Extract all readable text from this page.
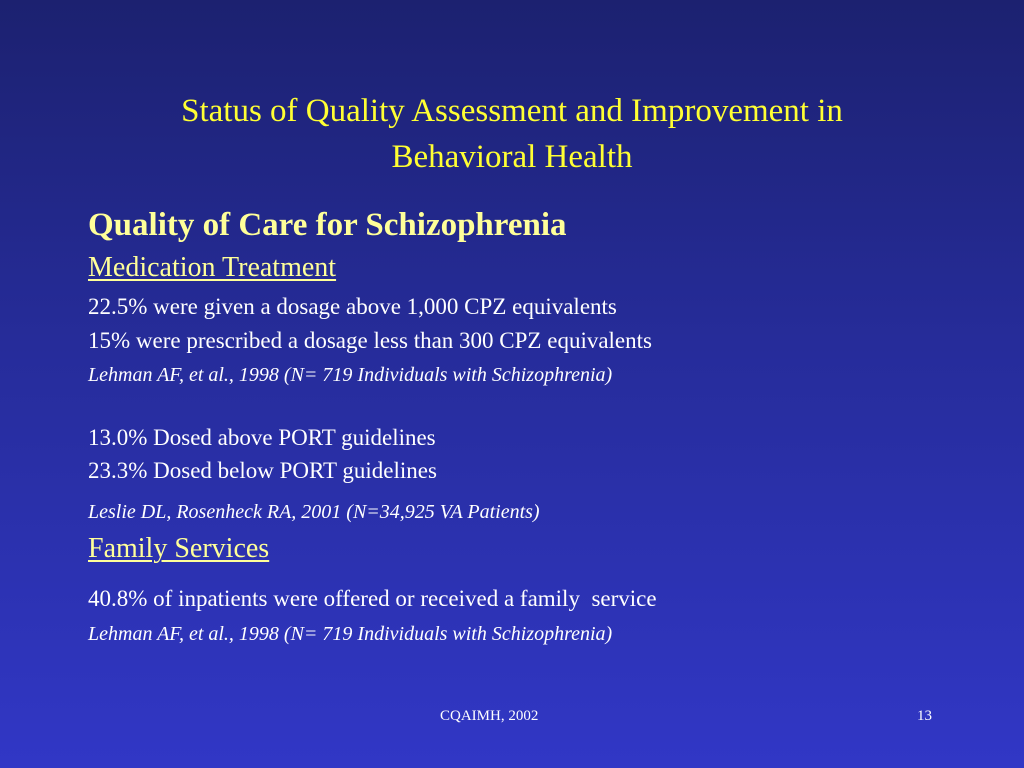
Status of Quality Assessment and Improvement in
Behavioral Health
Quality of Care for Schizophrenia
Medication Treatment
22.5% were given a dosage above 1,000 CPZ equivalents
15% were prescribed a dosage less than 300 CPZ equivalents
Lehman AF, et al., 1998 (N= 719 Individuals with Schizophrenia)
13.0% Dosed above PORT guidelines
23.3% Dosed below PORT guidelines
Leslie DL, Rosenheck RA, 2001 (N=34,925 VA Patients)
Family Services
40.8% of inpatients were offered or received a family  service
Lehman AF, et al., 1998 (N= 719 Individuals with Schizophrenia)
CQAIMH, 2002	13
